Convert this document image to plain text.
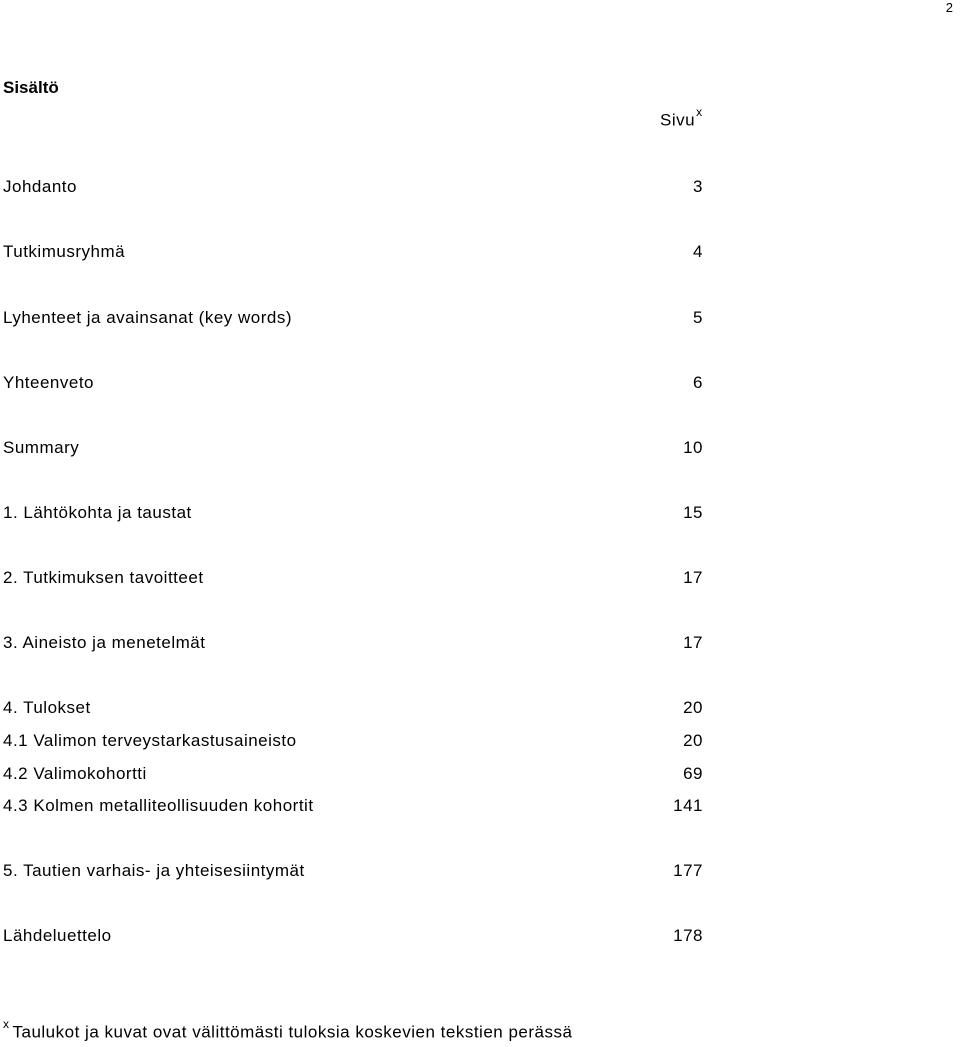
2
Sisältö
Sivu$^x$
Johdanto	3
Tutkimusryhmä	4
Lyhenteet ja avainsanat (key words)	5
Yhteenveto	6
Summary	10
1. Lähtökohta ja taustat	15
2. Tutkimuksen tavoitteet	17
3. Aineisto ja menetelmät	17
4. Tulokset	20
4.1 Valimon terveystarkastusaineisto	20
4.2 Valimokohortti	69
4.3 Kolmen metalliteollisuuden kohortit	141
5. Tautien varhais- ja yhteisesiintymät	177
Lähdeluettelo	178
$^x$ Taulukot ja kuvat ovat välittömästi tuloksia koskevien tekstien perässä
